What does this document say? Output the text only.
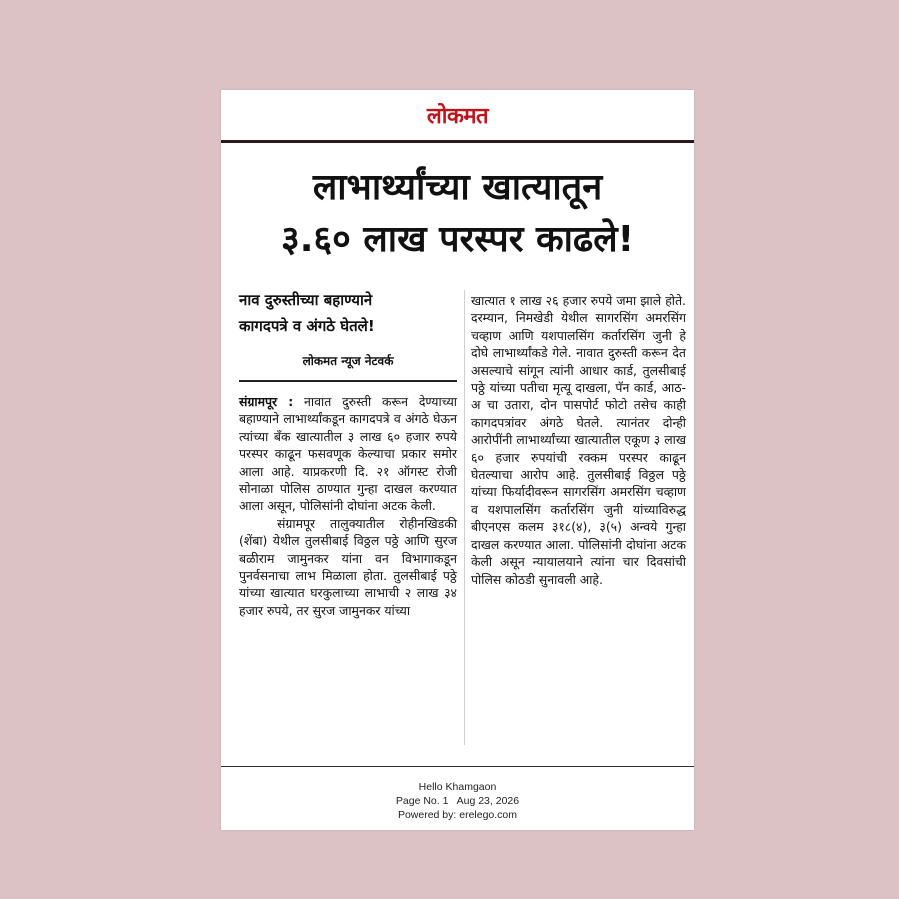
लोकमत
लाभार्थ्यांच्या खात्यातून
३.६० लाख परस्पर काढले!
नाव दुरुस्तीच्या बहाण्याने
कागदपत्रे व अंगठे घेतले!
लोकमत न्यूज नेटवर्क

संग्रामपूर : नावात दुरुस्ती करून देण्याच्या बहाण्याने लाभार्थ्यांकडून कागदपत्रे व अंगठे घेऊन त्यांच्या बँक खात्यातील ३ लाख ६० हजार रुपये परस्पर काढून फसवणूक केल्याचा प्रकार समोर आला आहे. याप्रकरणी दि. २१ ऑगस्ट रोजी सोनाळा पोलिस ठाण्यात गुन्हा दाखल करण्यात आला असून, पोलिसांनी दोघांना अटक केली.

संग्रामपूर तालुक्यातील रोहीनखिडकी (शेंबा) येथील तुलसीबाई विठ्ठल पठ्ठे आणि सुरज बळीराम जामुनकर यांना वन विभागाकडून पुनर्वसनाचा लाभ मिळाला होता. तुलसीबाई पठ्ठे यांच्या खात्यात घरकुलाच्या लाभाची २ लाख ३४ हजार रुपये, तर सुरज जामुनकर यांच्या

खात्यात १ लाख २६ हजार रुपये जमा झाले होते. दरम्यान, निमखेडी येथील सागरसिंग अमरसिंग चव्हाण आणि यशपालसिंग कर्तारसिंग जुनी हे दोघे लाभार्थ्यांकडे गेले. नावात दुरुस्ती करून देत असल्याचे सांगून त्यांनी आधार कार्ड, तुलसीबाई पठ्ठे यांच्या पतीचा मृत्यू दाखला, पॅन कार्ड, आठ-अ चा उतारा, दोन पासपोर्ट फोटो तसेच काही कागदपत्रांवर अंगठे घेतले. त्यानंतर दोन्ही आरोपींनी लाभार्थ्यांच्या खात्यातील एकूण ३ लाख ६० हजार रुपयांची रक्कम परस्पर काढून घेतल्याचा आरोप आहे. तुलसीबाई विठ्ठल पठ्ठे यांच्या फिर्यादीवरून सागरसिंग अमरसिंग चव्हाण व यशपालसिंग कर्तारसिंग जुनी यांच्याविरुद्ध बीएनएस कलम ३१८(४), ३(५) अन्वये गुन्हा दाखल करण्यात आला. पोलिसांनी दोघांना अटक केली असून न्यायालयाने त्यांना चार दिवसांची पोलिस कोठडी सुनावली आहे.

Hello Khamgaon
Page No. 1   Aug 23, 2026
Powered by: erelego.com
